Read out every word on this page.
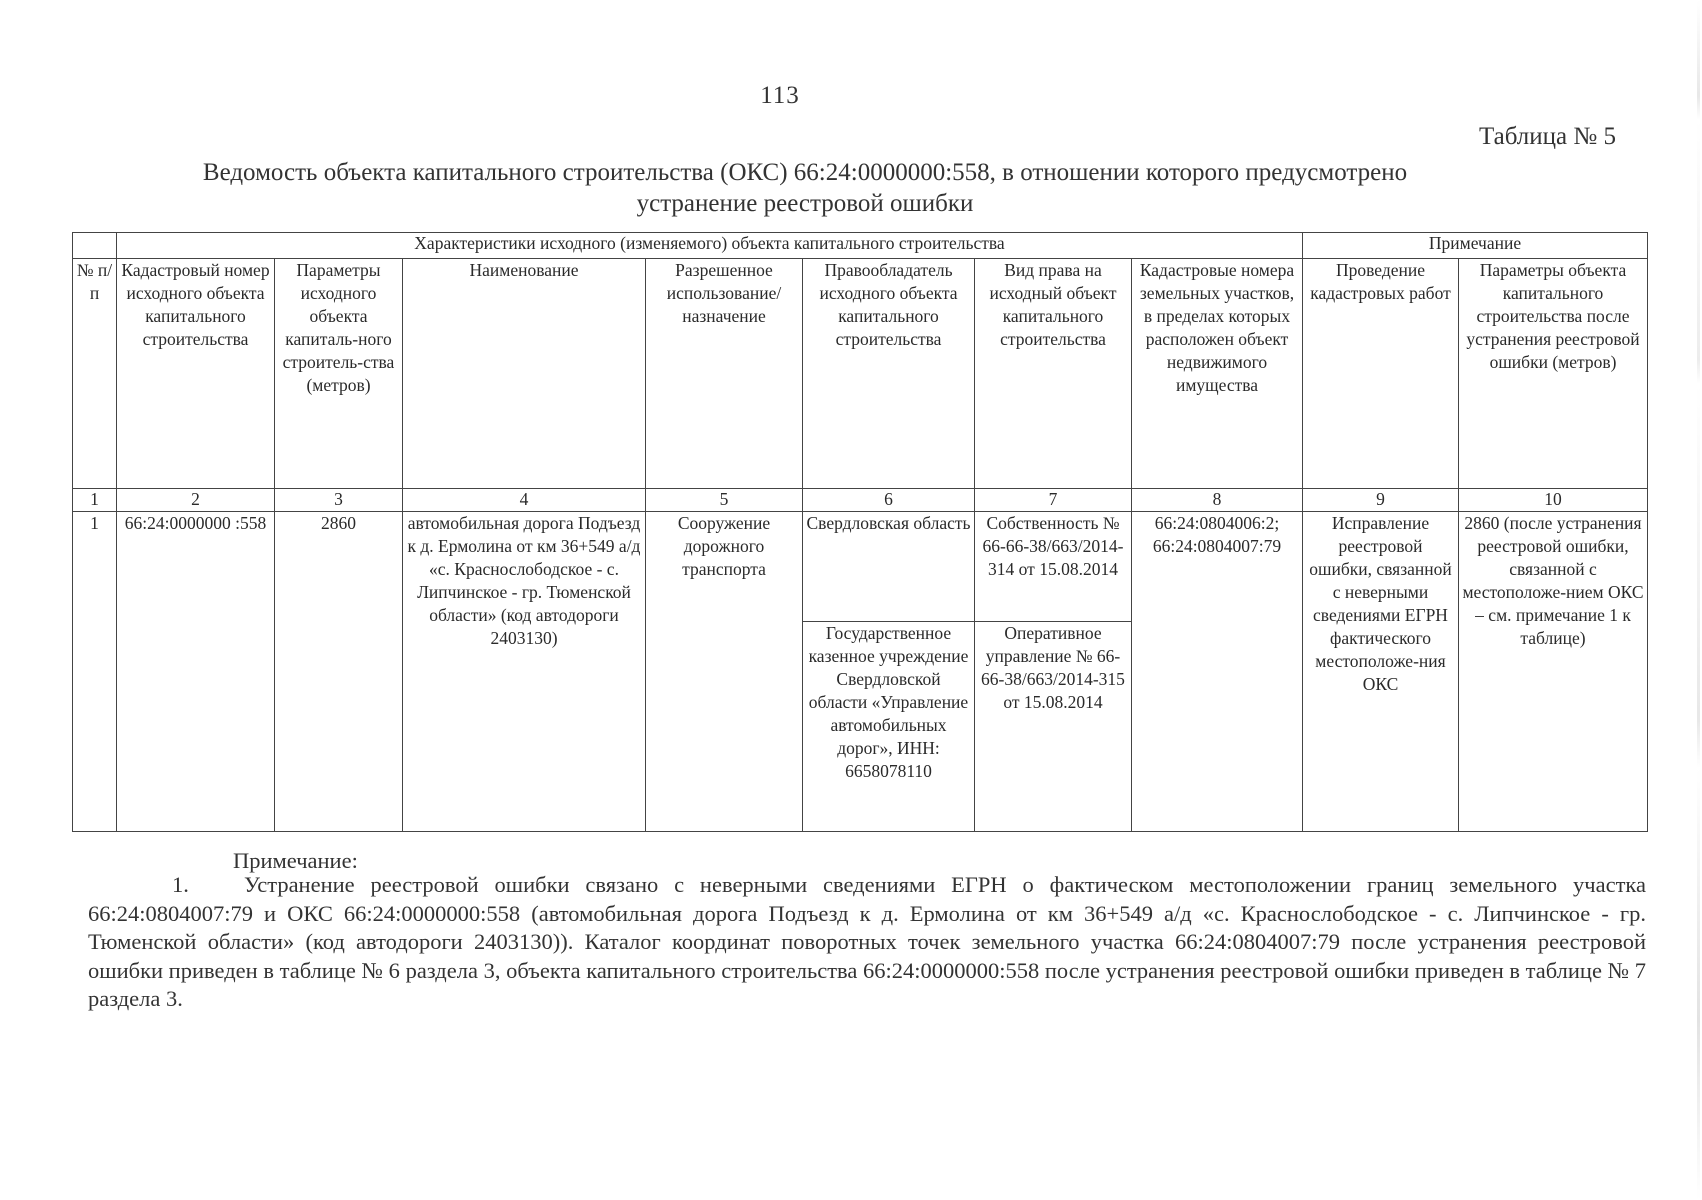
113
Таблица № 5
Ведомость объекта капитального строительства (ОКС) 66:24:0000000:558, в отношении которого предусмотрено устранение реестровой ошибки
	Характеристики исходного (изменяемого) объекта капитального строительства							Примечание	
№ п/п	Кадастровый номер исходного объекта капитального строительства	Параметры исходного объекта капиталь-ного строитель-ства (метров)	Наименование	Разрешенное использование/ назначение	Правообладатель исходного объекта капитального строительства	Вид права на исходный объект капитального строительства	Кадастровые номера земельных участков, в пределах которых расположен объект недвижимого имущества	Проведение кадастровых работ	Параметры объекта капитального строительства после устранения реестровой ошибки (метров)
1	2	3	4	5	6	7	8	9	10
1	66:24:0000000 :558	2860	автомобильная дорога Подъезд к д. Ермолина от км 36+549 а/д «с. Краснослободское - с. Липчинское - гр. Тюменской области» (код автодороги 2403130)	Сооружение дорожного транспорта	Свердловская область	Собственность № 66-66-38/663/2014-314 от 15.08.2014	66:24:0804006:2; 66:24:0804007:79	Исправление реестровой ошибки, связанной с неверными сведениями ЕГРН фактического местоположе-ния ОКС	2860 (после устранения реестровой ошибки, связанной с местоположе-нием ОКС – см. примечание 1 к таблице)
					Государственное казенное учреждение Свердловской области «Управление автомобильных дорог», ИНН: 6658078110	Оперативное управление № 66-66-38/663/2014-315 от 15.08.2014			
Примечание:
1. Устранение реестровой ошибки связано с неверными сведениями ЕГРН о фактическом местоположении границ земельного участка 66:24:0804007:79 и ОКС 66:24:0000000:558 (автомобильная дорога Подъезд к д. Ермолина от км 36+549 а/д «с. Краснослободское - с. Липчинское - гр. Тюменской области» (код автодороги 2403130)). Каталог координат поворотных точек земельного участка 66:24:0804007:79 после устранения реестровой ошибки приведен в таблице № 6 раздела 3, объекта капитального строительства 66:24:0000000:558 после устранения реестровой ошибки приведен в таблице № 7 раздела 3.
